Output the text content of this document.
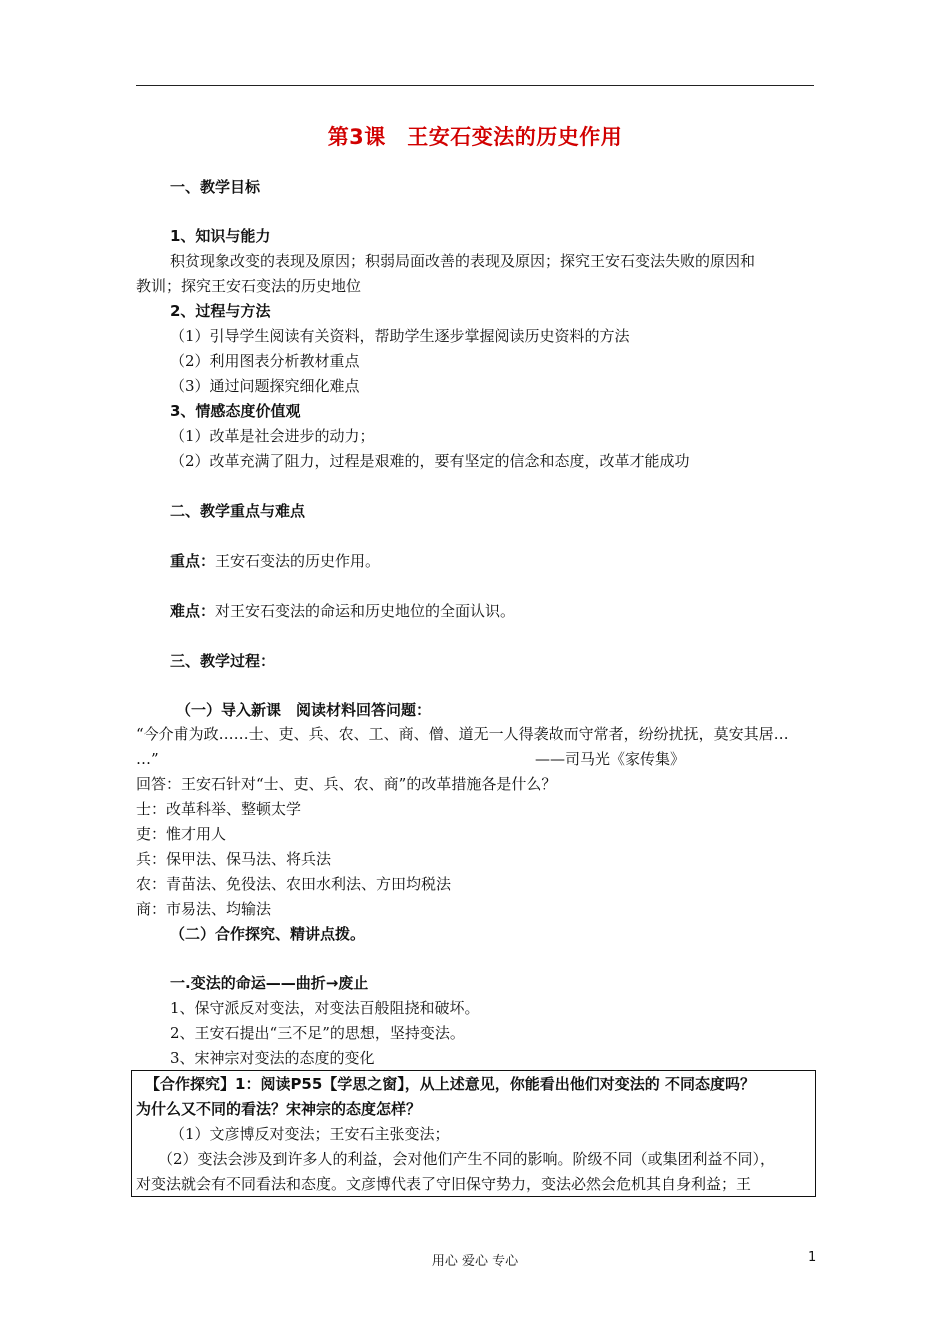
第3课　王安石变法的历史作用
一、教学目标
1、知识与能力
积贫现象改变的表现及原因；积弱局面改善的表现及原因；探究王安石变法失败的原因和
教训；探究王安石变法的历史地位
2、过程与方法
（1）引导学生阅读有关资料，帮助学生逐步掌握阅读历史资料的方法
（2）利用图表分析教材重点
（3）通过问题探究细化难点
3、情感态度价值观
（1）改革是社会进步的动力；
（2）改革充满了阻力，过程是艰难的，要有坚定的信念和态度，改革才能成功
二、教学重点与难点
重点：王安石变法的历史作用。
难点：对王安石变法的命运和历史地位的全面认识。
三、教学过程：
（一）导入新课　阅读材料回答问题：
“今介甫为政……士、吏、兵、农、工、商、僧、道无一人得袭故而守常者，纷纷扰抚，莫安其居…
…”	——司马光《家传集》
回答：王安石针对“士、吏、兵、农、商”的改革措施各是什么？
士：改革科举、整顿太学
吏：惟才用人
兵：保甲法、保马法、将兵法
农：青苗法、免役法、农田水利法、方田均税法
商：市易法、均输法
（二）合作探究、精讲点拨。
一.变法的命运——曲折→废止
1、保守派反对变法，对变法百般阻挠和破坏。
2、王安石提出“三不足”的思想，坚持变法。
3、宋神宗对变法的态度的变化
【合作探究】1：阅读P55【学思之窗】，从上述意见，你能看出他们对变法的 不同态度吗？
为什么又不同的看法？宋神宗的态度怎样？
（1）文彦博反对变法；王安石主张变法；
（2）变法会涉及到许多人的利益，会对他们产生不同的影响。阶级不同（或集团利益不同），
对变法就会有不同看法和态度。文彦博代表了守旧保守势力，变法必然会危机其自身利益；王
用心 爱心 专心	1
